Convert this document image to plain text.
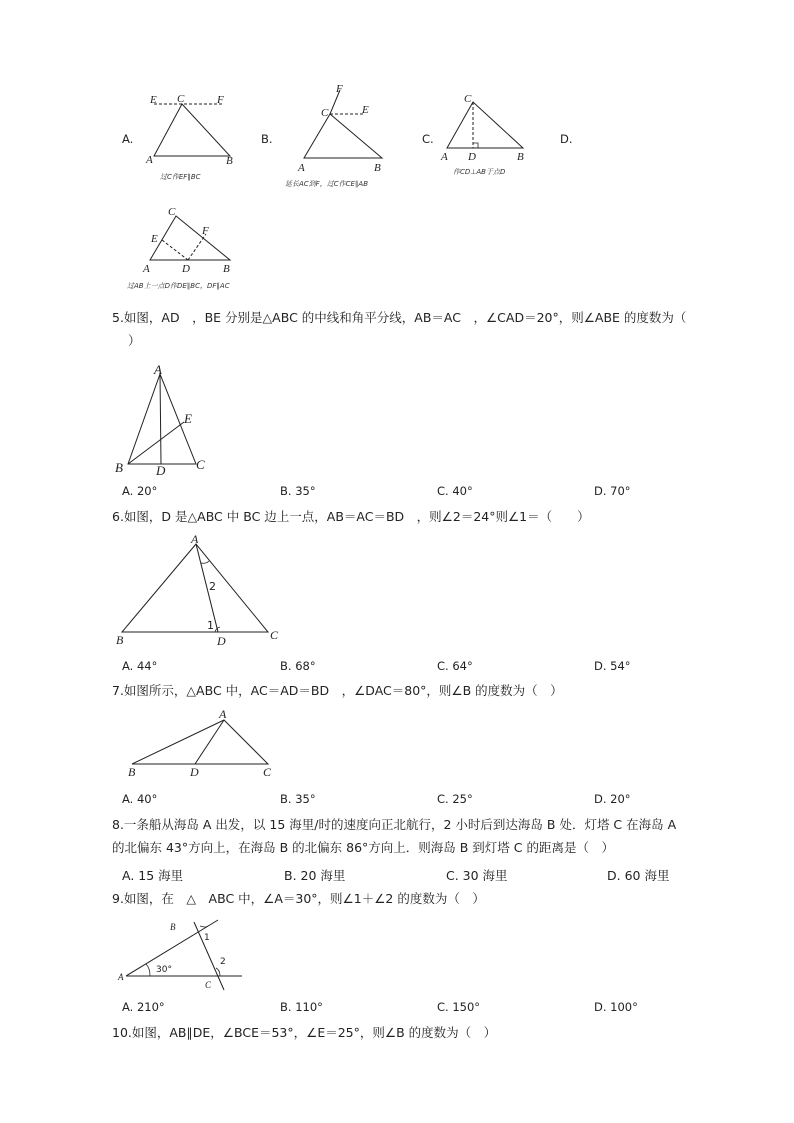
A.
E C	F
A	B
过C作EF∥BC
B.
F
C	E
A	B
延长AC到F，过C作CE∥AB
C.
C
A D	B
作CD⊥AB于点D
D.
C
E
F
A	D	B
过AB上一点D作DE∥BC，DF∥AC
5.如图，AD　，BE 分别是△ABC 的中线和角平分线，AB＝AC　，∠CAD＝20°，则∠ABE 的度数为（
）
A
E
B	D C
A. 20°	B. 35°	C. 40°	D. 70°
6.如图，D 是△ABC 中 BC 边上一点，AB＝AC＝BD　，则∠2＝24°则∠1＝（　　）
A
2
1
B	D	C
A. 44°	B. 68°	C. 64°	D. 54°
7.如图所示，△ABC 中，AC＝AD＝BD　，∠DAC＝80°，则∠B 的度数为（　）
A
B	D	C
A. 40°	B. 35°	C. 25°	D. 20°
8.一条船从海岛 A 出发，以 15 海里/时的速度向正北航行，2 小时后到达海岛 B 处．灯塔 C 在海岛 A
的北偏东 43°方向上，在海岛 B 的北偏东 86°方向上．则海岛 B 到灯塔 C 的距离是（　）
A. 15 海里	B. 20 海里	C. 30 海里	D. 60 海里
9.如图，在　△　ABC 中，∠A＝30°，则∠1＋∠2 的度数为（　）
B
1
2
A
30°
C
A. 210°	B. 110°	C. 150°	D. 100°
10.如图，AB∥DE，∠BCE＝53°，∠E＝25°，则∠B 的度数为（　）
